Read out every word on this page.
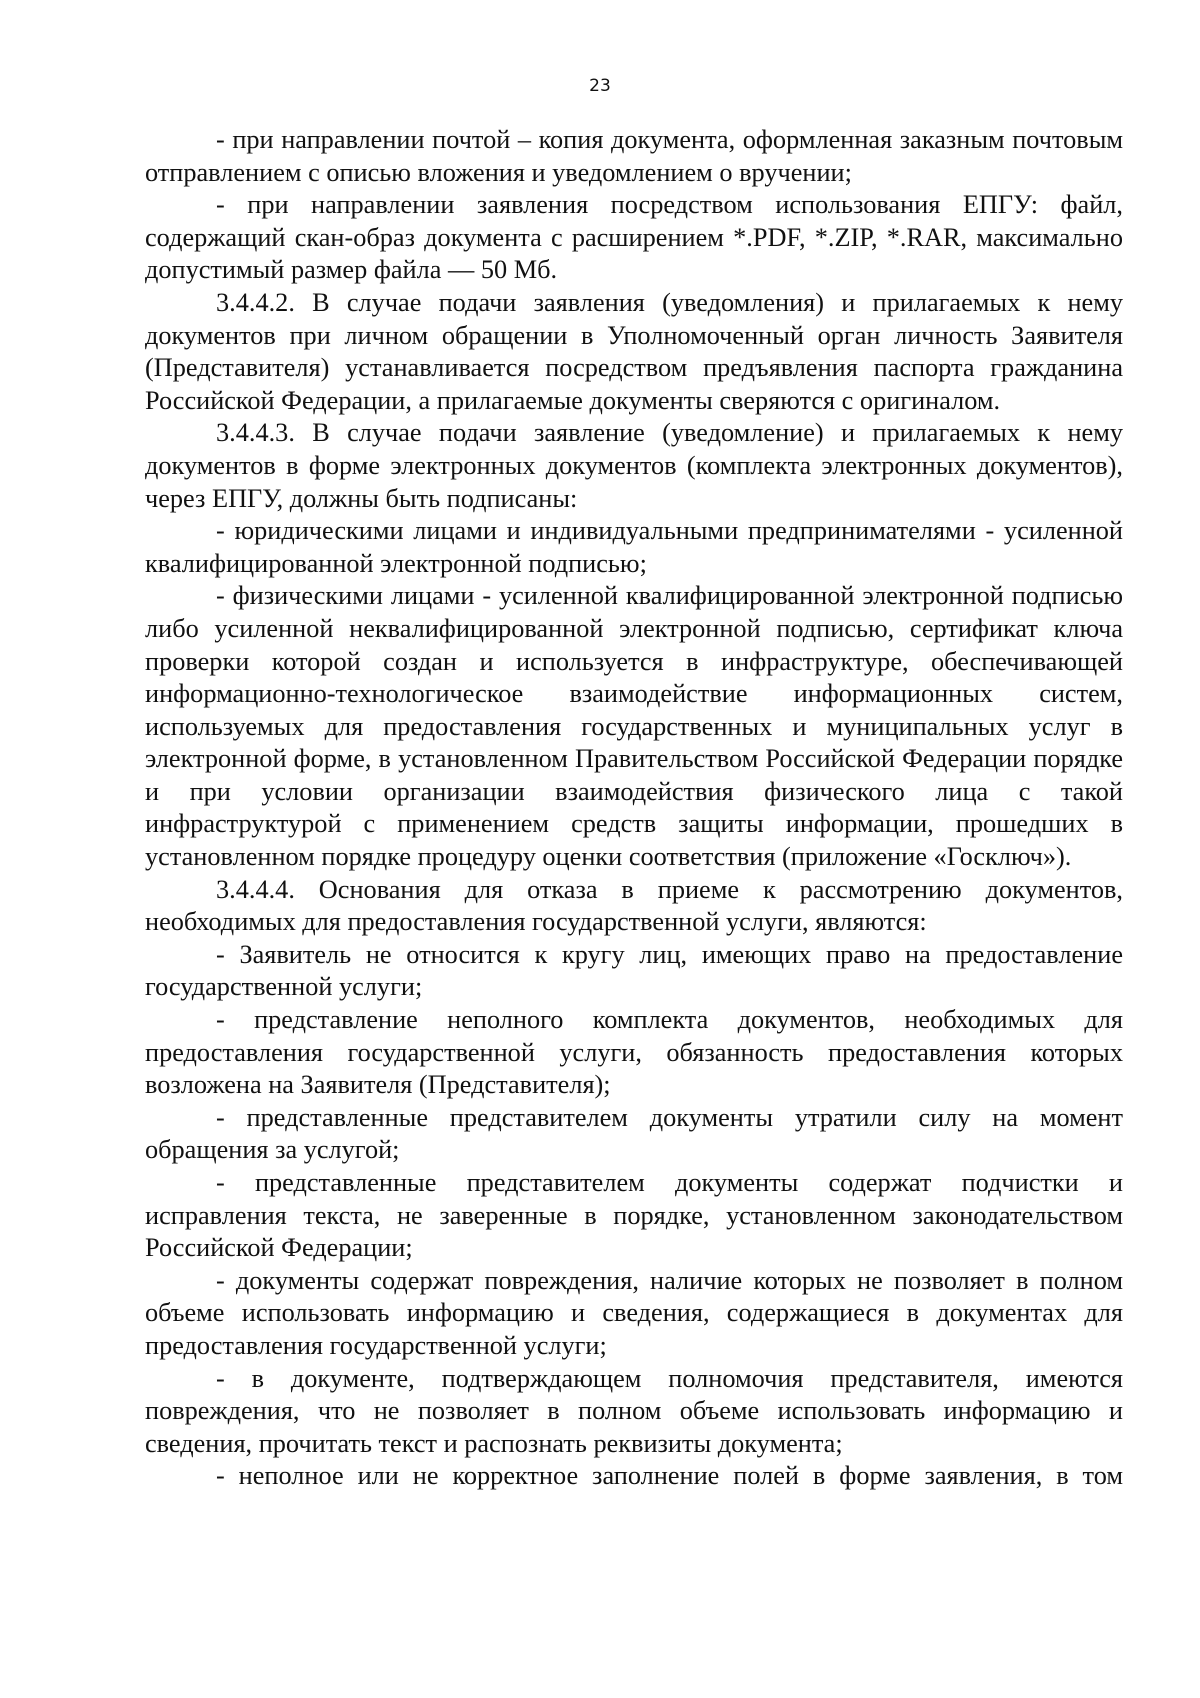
23

- при направлении почтой – копия документа, оформленная заказным почтовым отправлением с описью вложения и уведомлением о вручении;

- при направлении заявления посредством использования ЕПГУ: файл, содержащий скан-образ документа с расширением *.PDF, *.ZIP, *.RAR, максимально допустимый размер файла — 50 Мб.

3.4.4.2. В случае подачи заявления (уведомления) и прилагаемых к нему документов при личном обращении в Уполномоченный орган личность Заявителя (Представителя) устанавливается посредством предъявления паспорта гражданина Российской Федерации, а прилагаемые документы сверяются с оригиналом.

3.4.4.3. В случае подачи заявление (уведомление) и прилагаемых к нему документов в форме электронных документов (комплекта электронных документов), через ЕПГУ, должны быть подписаны:

- юридическими лицами и индивидуальными предпринимателями - усиленной квалифицированной электронной подписью;

- физическими лицами - усиленной квалифицированной электронной подписью либо усиленной неквалифицированной электронной подписью, сертификат ключа проверки которой создан и используется в инфраструктуре, обеспечивающей информационно-технологическое взаимодействие информационных систем, используемых для предоставления государственных и муниципальных услуг в электронной форме, в установленном Правительством Российской Федерации порядке и при условии организации взаимодействия физического лица с такой инфраструктурой с применением средств защиты информации, прошедших в установленном порядке процедуру оценки соответствия (приложение «Госключ»).

3.4.4.4. Основания для отказа в приеме к рассмотрению документов, необходимых для предоставления государственной услуги, являются:

- Заявитель не относится к кругу лиц, имеющих право на предоставление государственной услуги;

- представление неполного комплекта документов, необходимых для предоставления государственной услуги, обязанность предоставления которых возложена на Заявителя (Представителя);

- представленные представителем документы утратили силу на момент обращения за услугой;

- представленные представителем документы содержат подчистки и исправления текста, не заверенные в порядке, установленном законодательством Российской Федерации;

- документы содержат повреждения, наличие которых не позволяет в полном объеме использовать информацию и сведения, содержащиеся в документах для предоставления государственной услуги;

- в документе, подтверждающем полномочия представителя, имеются повреждения, что не позволяет в полном объеме использовать информацию и сведения, прочитать текст и распознать реквизиты документа;

- неполное или не корректное заполнение полей в форме заявления, в том
